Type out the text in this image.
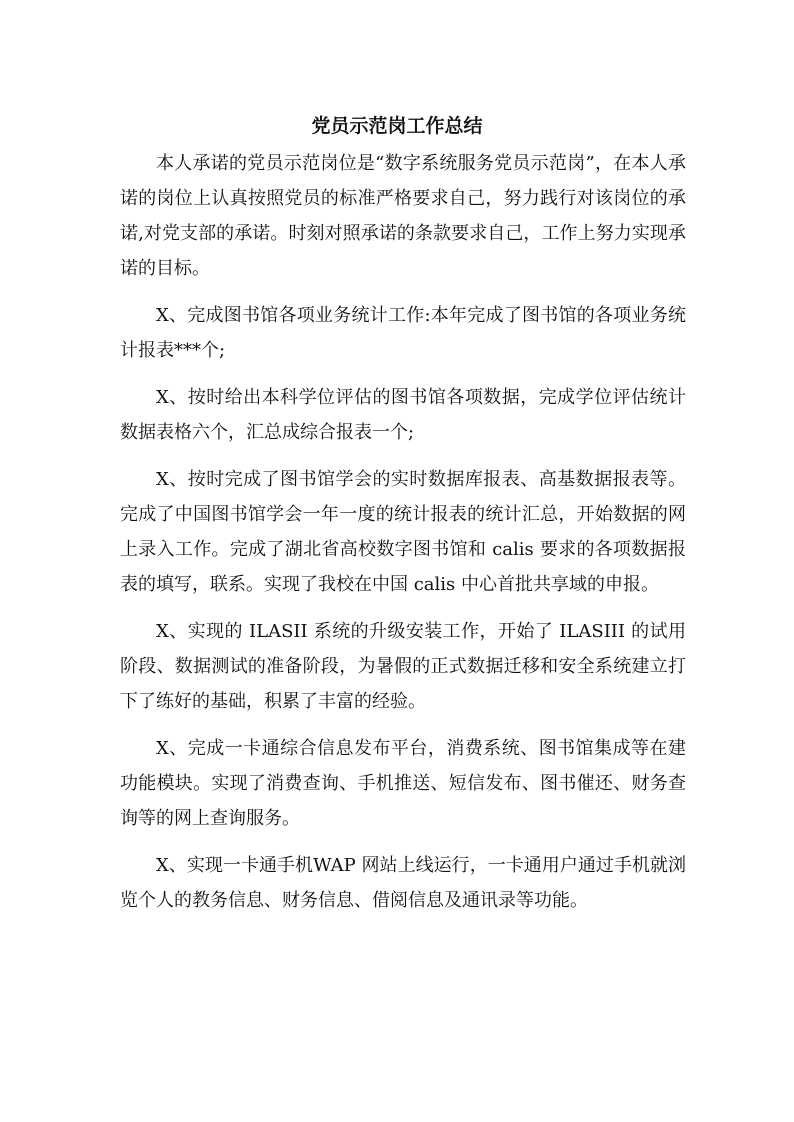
党员示范岗工作总结

本人承诺的党员示范岗位是“数字系统服务党员示范岗”，在本人承诺的岗位上认真按照党员的标准严格要求自己，努力践行对该岗位的承诺,对党支部的承诺。时刻对照承诺的条款要求自己，工作上努力实现承诺的目标。

X、完成图书馆各项业务统计工作:本年完成了图书馆的各项业务统计报表***个;

X、按时给出本科学位评估的图书馆各项数据，完成学位评估统计数据表格六个，汇总成综合报表一个;

X、按时完成了图书馆学会的实时数据库报表、高基数据报表等。完成了中国图书馆学会一年一度的统计报表的统计汇总，开始数据的网上录入工作。完成了湖北省高校数字图书馆和 calis 要求的各项数据报表的填写，联系。实现了我校在中国 calis 中心首批共享域的申报。

X、实现的 ILASII 系统的升级安装工作，开始了 ILASIII 的试用阶段、数据测试的准备阶段，为暑假的正式数据迁移和安全系统建立打下了练好的基础，积累了丰富的经验。

X、完成一卡通综合信息发布平台，消费系统、图书馆集成等在建功能模块。实现了消费查询、手机推送、短信发布、图书催还、财务查询等的网上查询服务。

X、实现一卡通手机WAP 网站上线运行，一卡通用户通过手机就浏览个人的教务信息、财务信息、借阅信息及通讯录等功能。
